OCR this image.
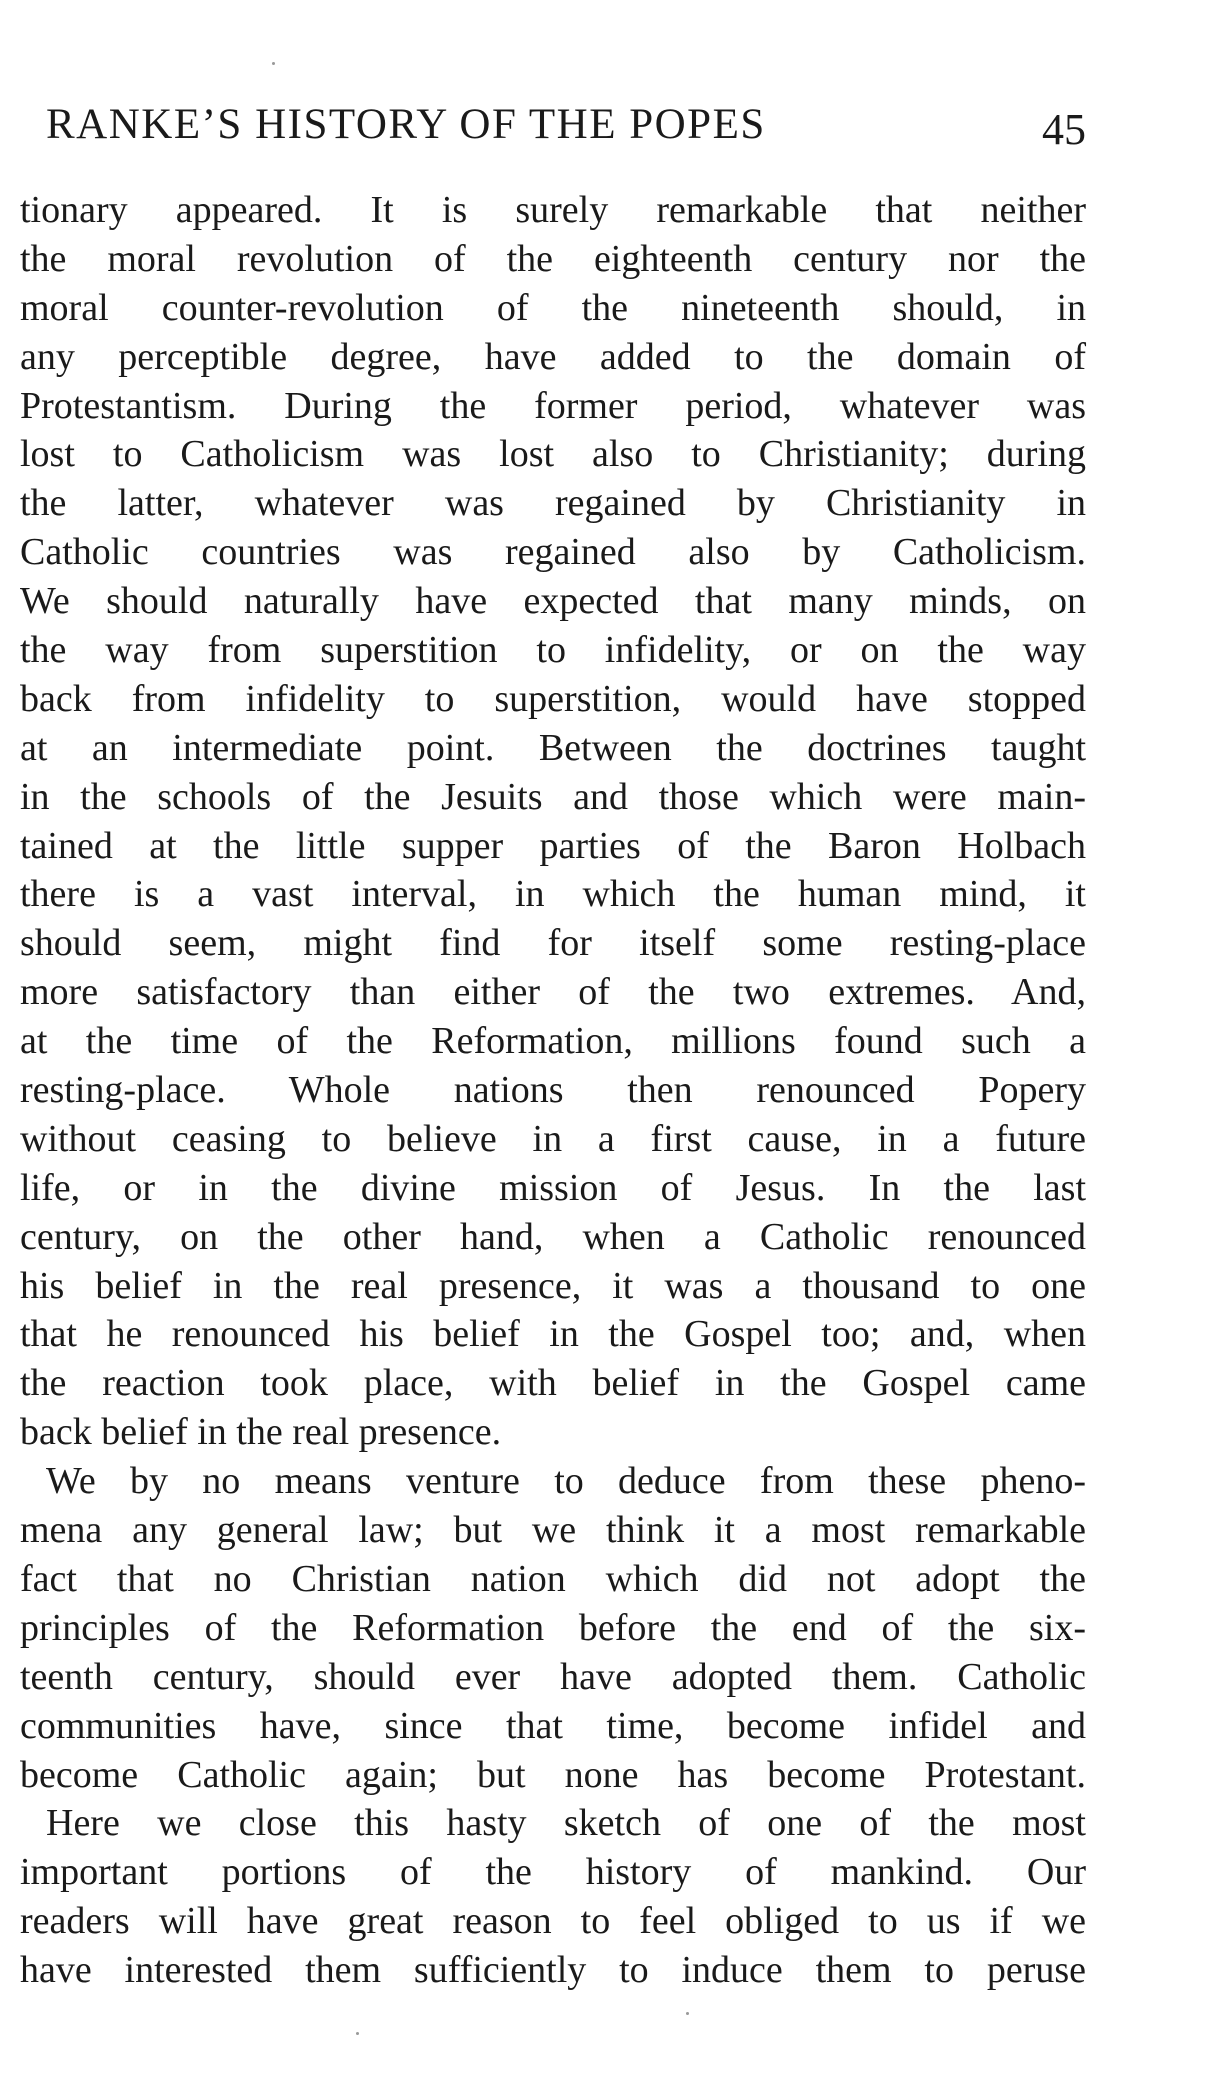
RANKE’S HISTORY OF THE POPES	45

tionary appeared. It is surely remarkable that neither
the moral revolution of the eighteenth century nor the
moral counter-revolution of the nineteenth should, in
any perceptible degree, have added to the domain of
Protestantism. During the former period, whatever was
lost to Catholicism was lost also to Christianity; during
the latter, whatever was regained by Christianity in
Catholic countries was regained also by Catholicism.
We should naturally have expected that many minds, on
the way from superstition to infidelity, or on the way
back from infidelity to superstition, would have stopped
at an intermediate point. Between the doctrines taught
in the schools of the Jesuits and those which were main-
tained at the little supper parties of the Baron Holbach
there is a vast interval, in which the human mind, it
should seem, might find for itself some resting-place
more satisfactory than either of the two extremes. And,
at the time of the Reformation, millions found such a
resting-place. Whole nations then renounced Popery
without ceasing to believe in a first cause, in a future
life, or in the divine mission of Jesus. In the last
century, on the other hand, when a Catholic renounced
his belief in the real presence, it was a thousand to one
that he renounced his belief in the Gospel too; and, when
the reaction took place, with belief in the Gospel came
back belief in the real presence.

We by no means venture to deduce from these pheno-
mena any general law; but we think it a most remarkable
fact that no Christian nation which did not adopt the
principles of the Reformation before the end of the six-
teenth century, should ever have adopted them. Catholic
communities have, since that time, become infidel and
become Catholic again; but none has become Protestant.

Here we close this hasty sketch of one of the most
important portions of the history of mankind. Our
readers will have great reason to feel obliged to us if we
have interested them sufficiently to induce them to peruse
